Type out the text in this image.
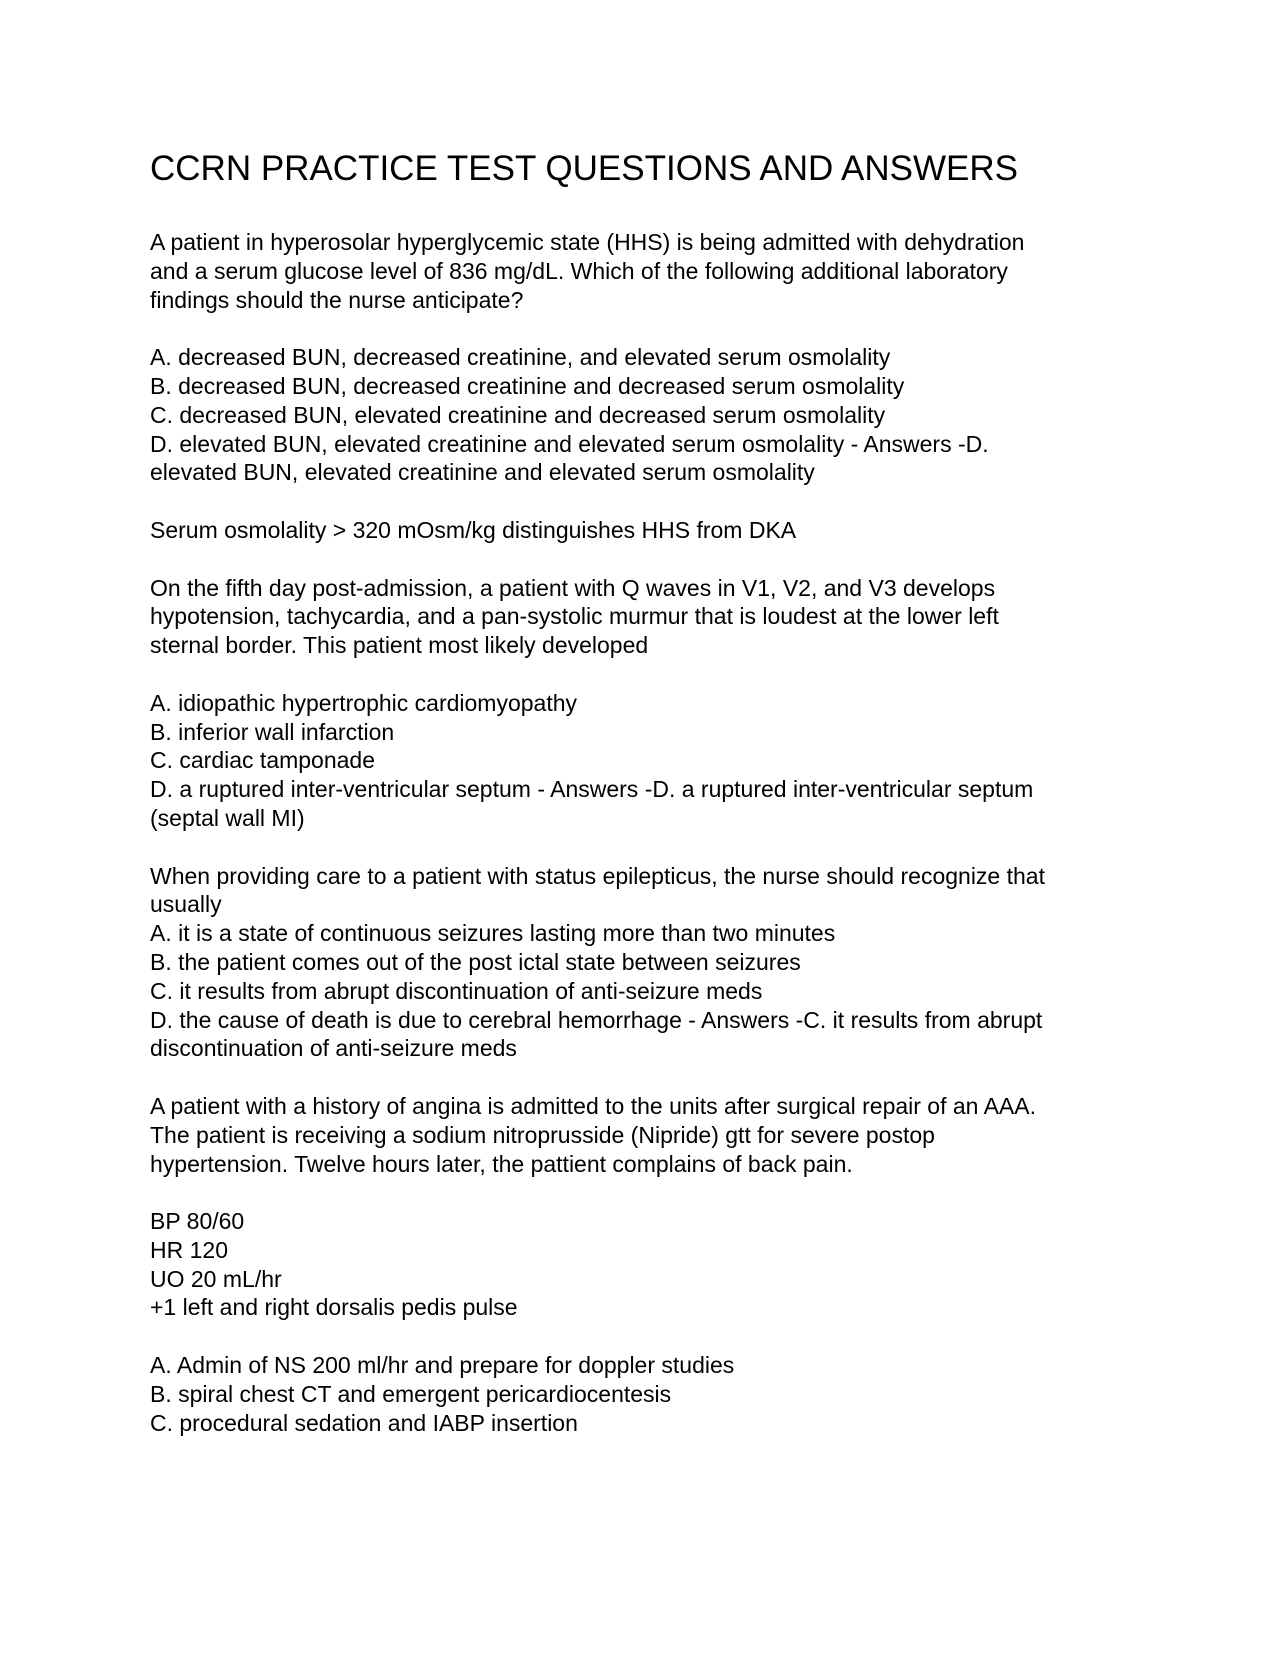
CCRN PRACTICE TEST QUESTIONS AND ANSWERS
A patient in hyperosolar hyperglycemic state (HHS) is being admitted with dehydration
and a serum glucose level of 836 mg/dL. Which of the following additional laboratory
findings should the nurse anticipate?
A. decreased BUN, decreased creatinine, and elevated serum osmolality
B. decreased BUN, decreased creatinine and decreased serum osmolality
C. decreased BUN, elevated creatinine and decreased serum osmolality
D. elevated BUN, elevated creatinine and elevated serum osmolality - Answers -D.
elevated BUN, elevated creatinine and elevated serum osmolality
Serum osmolality > 320 mOsm/kg distinguishes HHS from DKA
On the fifth day post-admission, a patient with Q waves in V1, V2, and V3 develops
hypotension, tachycardia, and a pan-systolic murmur that is loudest at the lower left
sternal border. This patient most likely developed
A. idiopathic hypertrophic cardiomyopathy
B. inferior wall infarction
C. cardiac tamponade
D. a ruptured inter-ventricular septum - Answers -D. a ruptured inter-ventricular septum
(septal wall MI)
When providing care to a patient with status epilepticus, the nurse should recognize that
usually
A. it is a state of continuous seizures lasting more than two minutes
B. the patient comes out of the post ictal state between seizures
C. it results from abrupt discontinuation of anti-seizure meds
D. the cause of death is due to cerebral hemorrhage - Answers -C. it results from abrupt
discontinuation of anti-seizure meds
A patient with a history of angina is admitted to the units after surgical repair of an AAA.
The patient is receiving a sodium nitroprusside (Nipride) gtt for severe postop
hypertension. Twelve hours later, the pattient complains of back pain.
BP 80/60
HR 120
UO 20 mL/hr
+1 left and right dorsalis pedis pulse
A. Admin of NS 200 ml/hr and prepare for doppler studies
B. spiral chest CT and emergent pericardiocentesis
C. procedural sedation and IABP insertion
